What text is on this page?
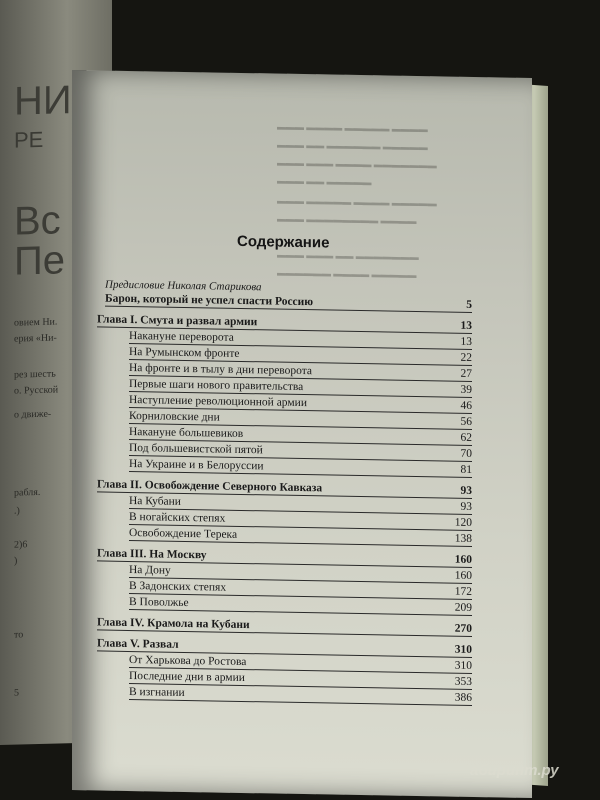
НИ
РЕ
Вс
Пе
овием Ни.
ерия «Ни-
рез шесть
о. Русской
о движе-
рабля.
.)
2)6
)
то
5
▬▬▬ ▬▬▬▬ ▬▬▬▬▬ ▬▬▬▬
▬▬▬ ▬▬ ▬▬▬▬▬▬ ▬▬▬▬▬
▬▬▬ ▬▬▬ ▬▬▬▬ ▬▬▬▬▬▬▬
▬▬▬ ▬▬ ▬▬▬▬▬
▬▬▬ ▬▬▬▬▬ ▬▬▬▬ ▬▬▬▬▬
▬▬▬ ▬▬▬▬▬▬▬▬ ▬▬▬▬
▬▬▬ ▬▬▬ ▬▬ ▬▬▬▬▬▬▬
▬▬▬▬▬▬ ▬▬▬▬ ▬▬▬▬▬
Содержание
Предисловие Николая Старикова
Барон, который не успел спасти Россию	5
Глава I. Смута и развал армии	13
Накануне переворота	13
На Румынском фронте	22
На фронте и в тылу в дни переворота	27
Первые шаги нового правительства	39
Наступление революционной армии	46
Корниловские дни	56
Накануне большевиков	62
Под большевистской пятой	70
На Украине и в Белоруссии	81
Глава II. Освобождение Северного Кавказа	93
На Кубани	93
В ногайских степях	120
Освобождение Терека	138
Глава III. На Москву	160
На Дону	160
В Задонских степях	172
В Поволжье	209
Глава IV. Крамола на Кубани	270
Глава V. Развал	310
От Харькова до Ростова	310
Последние дни в армии	353
В изгнании	386
абиринт.ру
